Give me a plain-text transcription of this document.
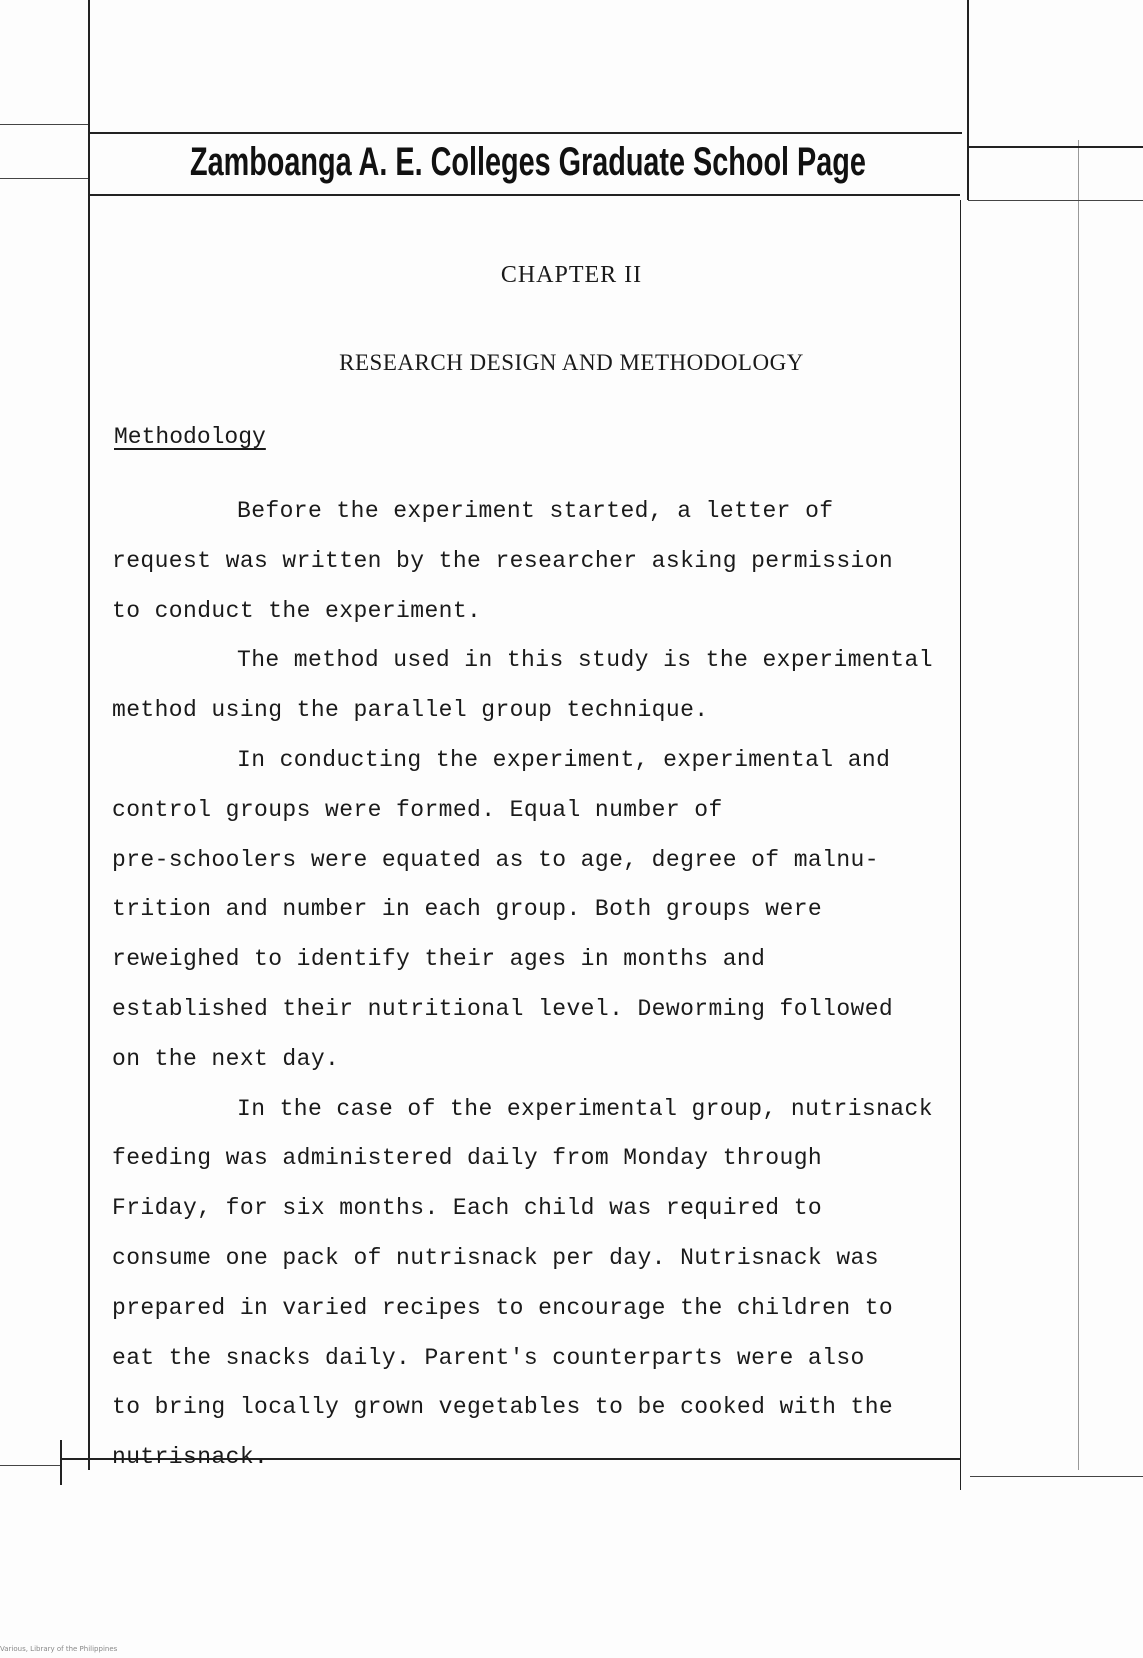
Zamboanga A. E. Colleges Graduate School Page
CHAPTER II
RESEARCH DESIGN AND METHODOLOGY
Methodology
Before the experiment started, a letter of
request was written by the researcher asking permission
to conduct the experiment.
The method used in this study is the experimental
method using the parallel group technique.
In conducting the experiment, experimental and
control groups were formed. Equal number of
pre-schoolers were equated as to age, degree of malnu-
trition and number in each group. Both groups were
reweighed to identify their ages in months and
established their nutritional level. Deworming followed
on the next day.
In the case of the experimental group, nutrisnack
feeding was administered daily from Monday through
Friday, for six months. Each child was required to
consume one pack of nutrisnack per day. Nutrisnack was
prepared in varied recipes to encourage the children to
eat the snacks daily. Parent's counterparts were also
to bring locally grown vegetables to be cooked with the
nutrisnack.
Various, Library of the Philippines
